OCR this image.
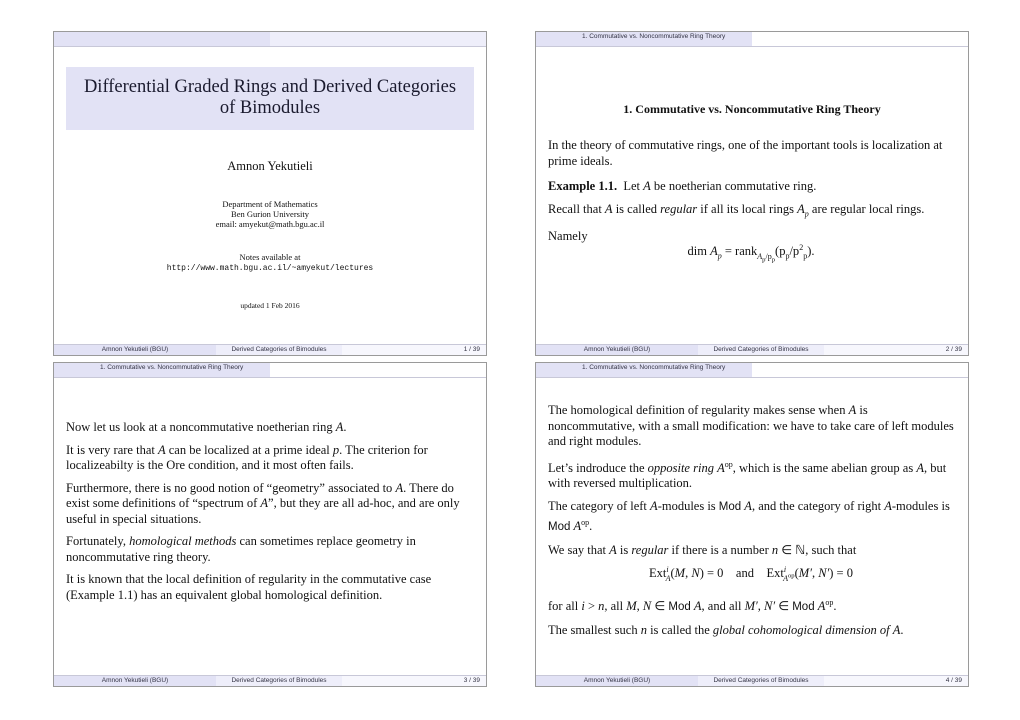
Differential Graded Rings and Derived Categories
of Bimodules
Amnon Yekutieli
Department of Mathematics
Ben Gurion University
email: amyekut@math.bgu.ac.il
Notes available at
http://www.math.bgu.ac.il/~amyekut/lectures
updated 1 Feb 2016
Amnon Yekutieli (BGU)	Derived Categories of Bimodules	1 / 39
1. Commutative vs. Noncommutative Ring Theory
1. Commutative vs. Noncommutative Ring Theory

In the theory of commutative rings, one of the important tools is localization at prime ideals.

Example 1.1. Let A be noetherian commutative ring.

Recall that A is called regular if all its local rings $A_p$ are regular local rings.

Namely

dim $A_p$ = $rank_{A_p/p_p}(p_p/p^2_p)$.
Amnon Yekutieli (BGU)	Derived Categories of Bimodules	2 / 39
1. Commutative vs. Noncommutative Ring Theory

Now let us look at a noncommutative noetherian ring A.

It is very rare that A can be localized at a prime ideal p. The criterion for localizeabilty is the Ore condition, and it most often fails.

Furthermore, there is no good notion of “geometry” associated to A. There do exist some definitions of “spectrum of A”, but they are all ad-hoc, and are only useful in special situations.

Fortunately, homological methods can sometimes replace geometry in noncommutative ring theory.

It is known that the local definition of regularity in the commutative case (Example 1.1) has an equivalent global homological definition.

Amnon Yekutieli (BGU)	Derived Categories of Bimodules	3 / 39
1. Commutative vs. Noncommutative Ring Theory

The homological definition of regularity makes sense when A is noncommutative, with a small modification: we have to take care of left modules and right modules.

Let’s indroduce the opposite ring $A^{op}$, which is the same abelian group as A, but with reversed multiplication.

The category of left A-modules is Mod A, and the category of right A-modules is Mod $A^{op}$.

We say that A is regular if there is a number n ∈ ℕ, such that

Ext$^i_A$(M, N) = 0    and    Ext$^i_{A^{op}}$(M′, N′) = 0

for all i > n, all M, N ∈ Mod A, and all M′, N′ ∈ Mod $A^{op}$.

The smallest such n is called the global cohomological dimension of A.

Amnon Yekutieli (BGU)	Derived Categories of Bimodules	4 / 39
